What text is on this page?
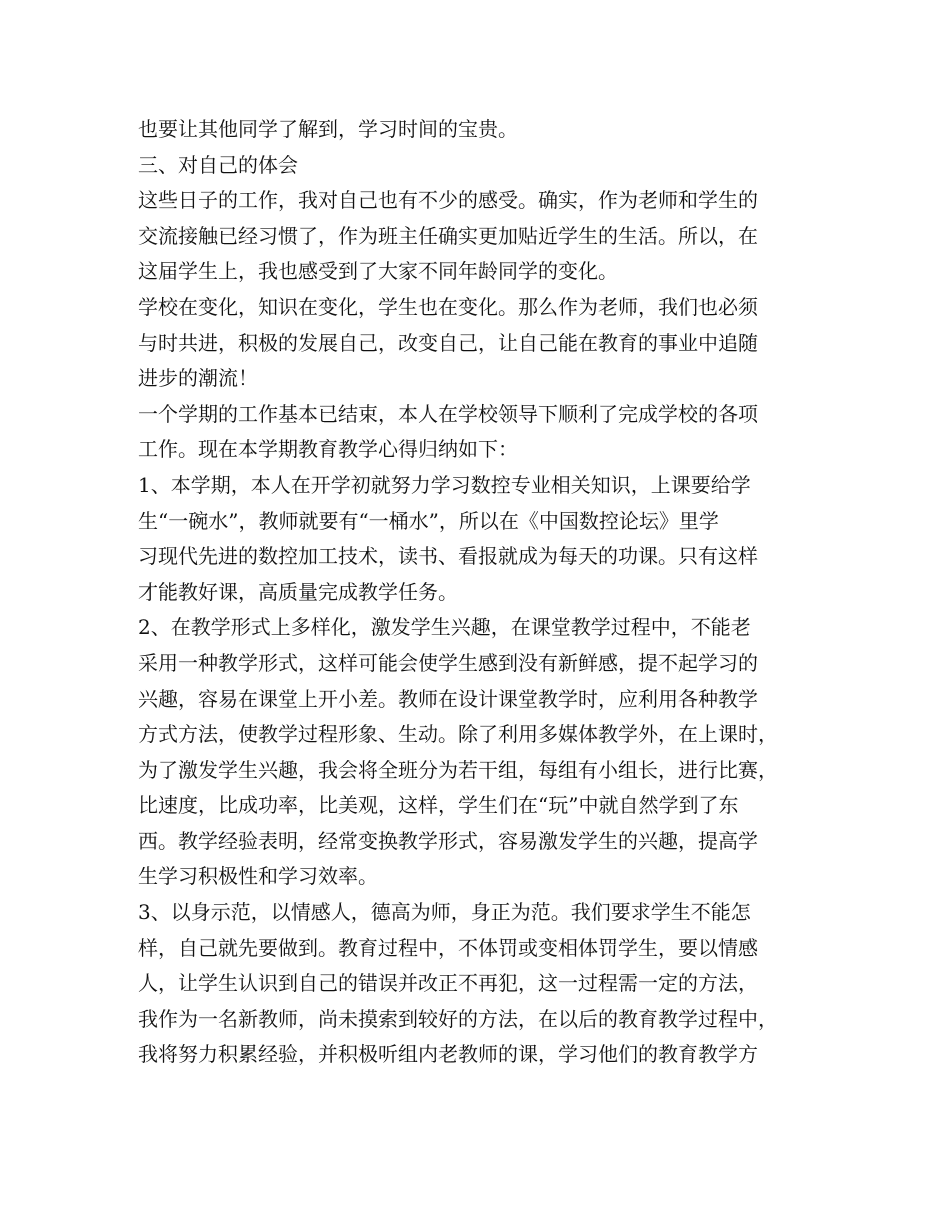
也要让其他同学了解到，学习时间的宝贵。
三、对自己的体会
这些日子的工作，我对自己也有不少的感受。确实，作为老师和学生的
交流接触已经习惯了，作为班主任确实更加贴近学生的生活。所以，在
这届学生上，我也感受到了大家不同年龄同学的变化。
学校在变化，知识在变化，学生也在变化。那么作为老师，我们也必须
与时共进，积极的发展自己，改变自己，让自己能在教育的事业中追随
进步的潮流！
一个学期的工作基本已结束，本人在学校领导下顺利了完成学校的各项
工作。现在本学期教育教学心得归纳如下：
1、本学期，本人在开学初就努力学习数控专业相关知识，上课要给学
生“一碗水”，教师就要有“一桶水”，所以在《中国数控论坛》里学
习现代先进的数控加工技术，读书、看报就成为每天的功课。只有这样
才能教好课，高质量完成教学任务。
2、在教学形式上多样化，激发学生兴趣，在课堂教学过程中，不能老
采用一种教学形式，这样可能会使学生感到没有新鲜感，提不起学习的
兴趣，容易在课堂上开小差。教师在设计课堂教学时，应利用各种教学
方式方法，使教学过程形象、生动。除了利用多媒体教学外，在上课时，
为了激发学生兴趣，我会将全班分为若干组，每组有小组长，进行比赛，
比速度，比成功率，比美观，这样，学生们在“玩”中就自然学到了东
西。教学经验表明，经常变换教学形式，容易激发学生的兴趣，提高学
生学习积极性和学习效率。
3、以身示范，以情感人，德高为师，身正为范。我们要求学生不能怎
样，自己就先要做到。教育过程中，不体罚或变相体罚学生，要以情感
人，让学生认识到自己的错误并改正不再犯，这一过程需一定的方法，
我作为一名新教师，尚未摸索到较好的方法，在以后的教育教学过程中，
我将努力积累经验，并积极听组内老教师的课，学习他们的教育教学方
